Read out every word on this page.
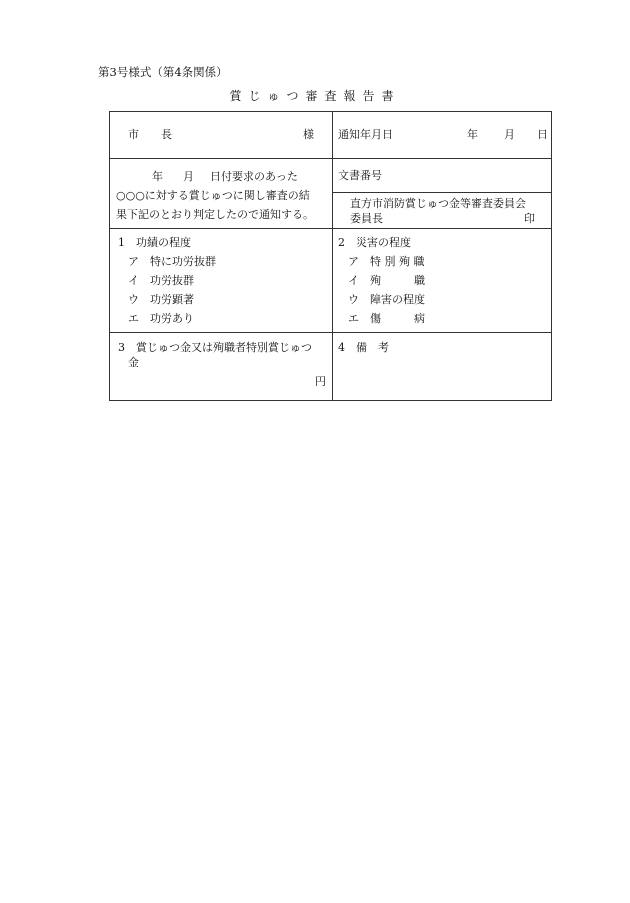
第3号様式（第4条関係）
賞じゅつ審査報告書
市　　長	様 通知年月日	年 月 日
年 月 日付要求のあった
○○○に対する賞じゅつに関し審査の結
果下記のとおり判定したので通知する。
文書番号
直方市消防賞じゅつ金等審査委員会
委員長	印
1　功績の程度
ア　特に功労抜群
イ　功労抜群
ウ　功労顕著
エ　功労あり
2　災害の程度
ア　特 別 殉 職
イ　殉　　　職
ウ　障害の程度
エ　傷　　　病
3　賞じゅつ金又は殉職者特別賞じゅつ
金
円
4　備　考
